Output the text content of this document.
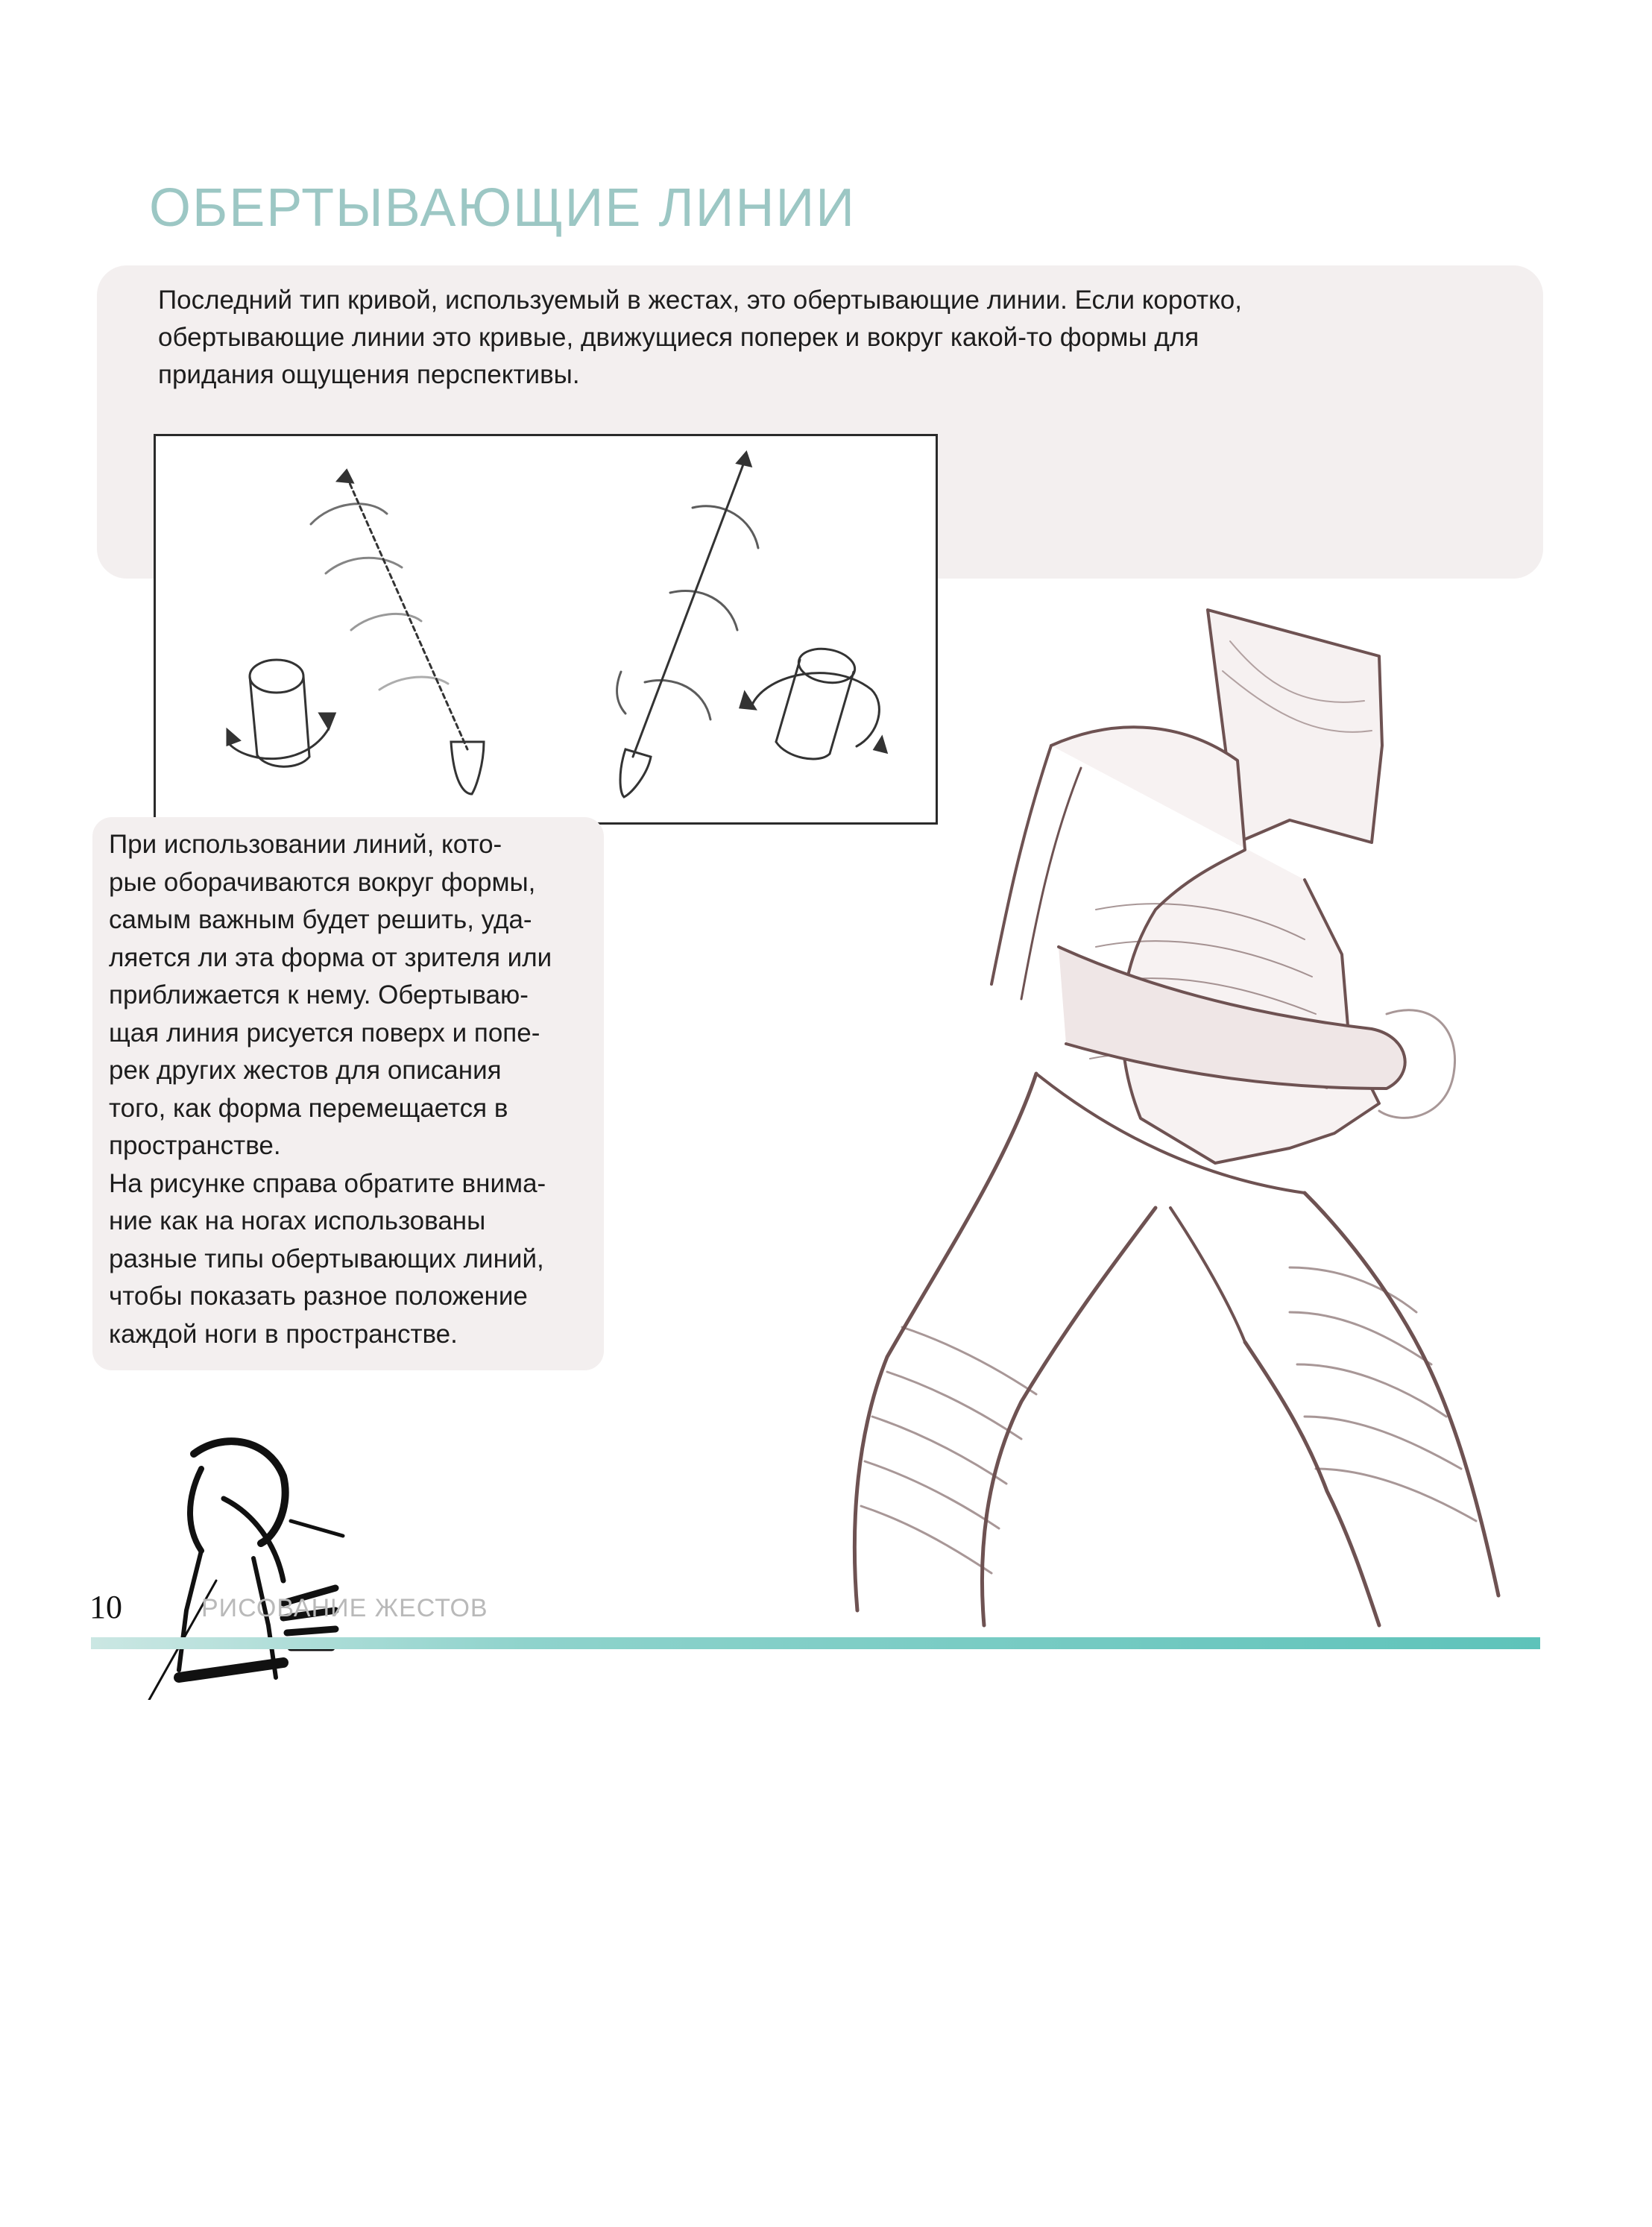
ОБЕРТЫВАЮЩИЕ ЛИНИИ
Последний тип кривой, используемый в жестах, это обертывающие линии. Если коротко,
обертывающие линии это кривые, движущиеся поперек и вокруг какой-то формы для
придания ощущения перспективы.
При использовании линий, кото-
рые оборачиваются вокруг формы,
самым важным будет решить, уда-
ляется ли эта форма от зрителя или
приближается к нему. Обертываю-
щая линия рисуется поверх и попе-
рек других жестов для описания
того, как форма перемещается в
пространстве.
На рисунке справа обратите внима-
ние как на ногах использованы
разные типы обертывающих линий,
чтобы показать разное положение
каждой ноги в пространстве.
10	РИСОВАНИЕ ЖЕСТОВ
